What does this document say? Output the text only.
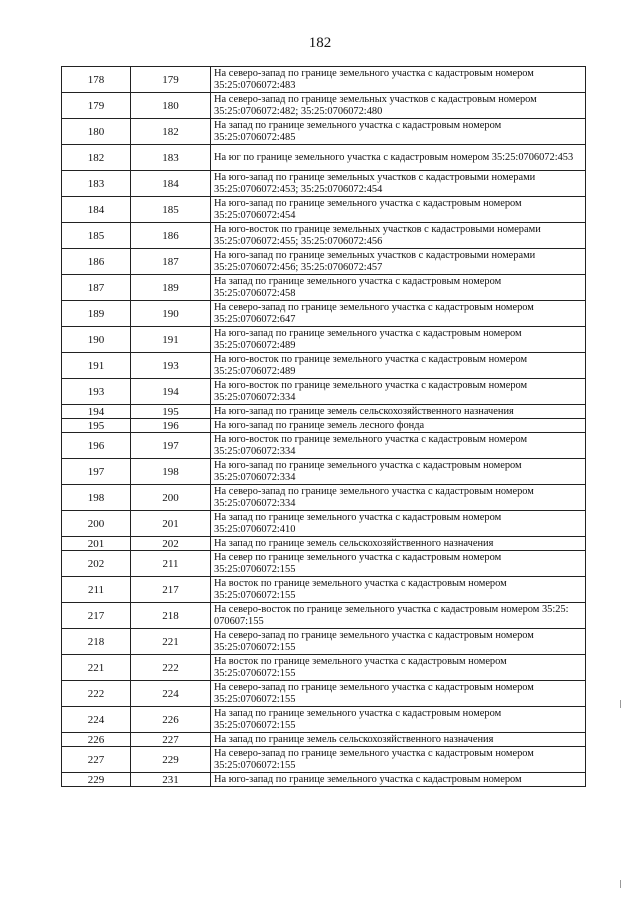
182
178	179	На северо-запад по границе земельного участка с кадастровым номером 35:25:0706072:483
179	180	На северо-запад по границе земельных участков с кадастровым номером 35:25:0706072:482; 35:25:0706072:480
180	182	На запад по границе земельного участка с кадастровым номером 35:25:0706072:485
182	183	На юг по границе земельного участка с кадастровым номером 35:25:0706072:453
183	184	На юго-запад по границе земельных участков с кадастровыми номерами 35:25:0706072:453; 35:25:0706072:454
184	185	На юго-запад по границе земельного участка с кадастровым номером 35:25:0706072:454
185	186	На юго-восток по границе земельных участков с кадастровыми номерами 35:25:0706072:455; 35:25:0706072:456
186	187	На юго-запад по границе земельных участков с кадастровыми номерами 35:25:0706072:456; 35:25:0706072:457
187	189	На запад по границе земельного участка с кадастровым номером 35:25:0706072:458
189	190	На северо-запад по границе земельного участка с кадастровым номером 35:25:0706072:647
190	191	На юго-запад по границе земельного участка с кадастровым номером 35:25:0706072:489
191	193	На юго-восток по границе земельного участка с кадастровым номером 35:25:0706072:489
193	194	На юго-восток по границе земельного участка с кадастровым номером 35:25:0706072:334
194	195	На юго-запад по границе земель сельскохозяйственного назначения
195	196	На юго-запад по границе земель лесного фонда
196	197	На юго-восток по границе земельного участка с кадастровым номером 35:25:0706072:334
197	198	На юго-запад по границе земельного участка с кадастровым номером 35:25:0706072:334
198	200	На северо-запад по границе земельного участка с кадастровым номером 35:25:0706072:334
200	201	На запад по границе земельного участка с кадастровым номером 35:25:0706072:410
201	202	На запад по границе земель сельскохозяйственного назначения
202	211	На север по границе земельного участка с кадастровым номером 35:25:0706072:155
211	217	На восток по границе земельного участка с кадастровым номером 35:25:0706072:155
217	218	На северо-восток по границе земельного участка с кадастровым номером 35:25: 070607:155
218	221	На северо-запад по границе земельного участка с кадастровым номером 35:25:0706072:155
221	222	На восток по границе земельного участка с кадастровым номером 35:25:0706072:155
222	224	На северо-запад по границе земельного участка с кадастровым номером 35:25:0706072:155
224	226	На запад по границе земельного участка с кадастровым номером 35:25:0706072:155
226	227	На запад по границе земель сельскохозяйственного назначения
227	229	На северо-запад по границе земельного участка с кадастровым номером 35:25:0706072:155
229	231	На юго-запад по границе земельного участка с кадастровым номером
